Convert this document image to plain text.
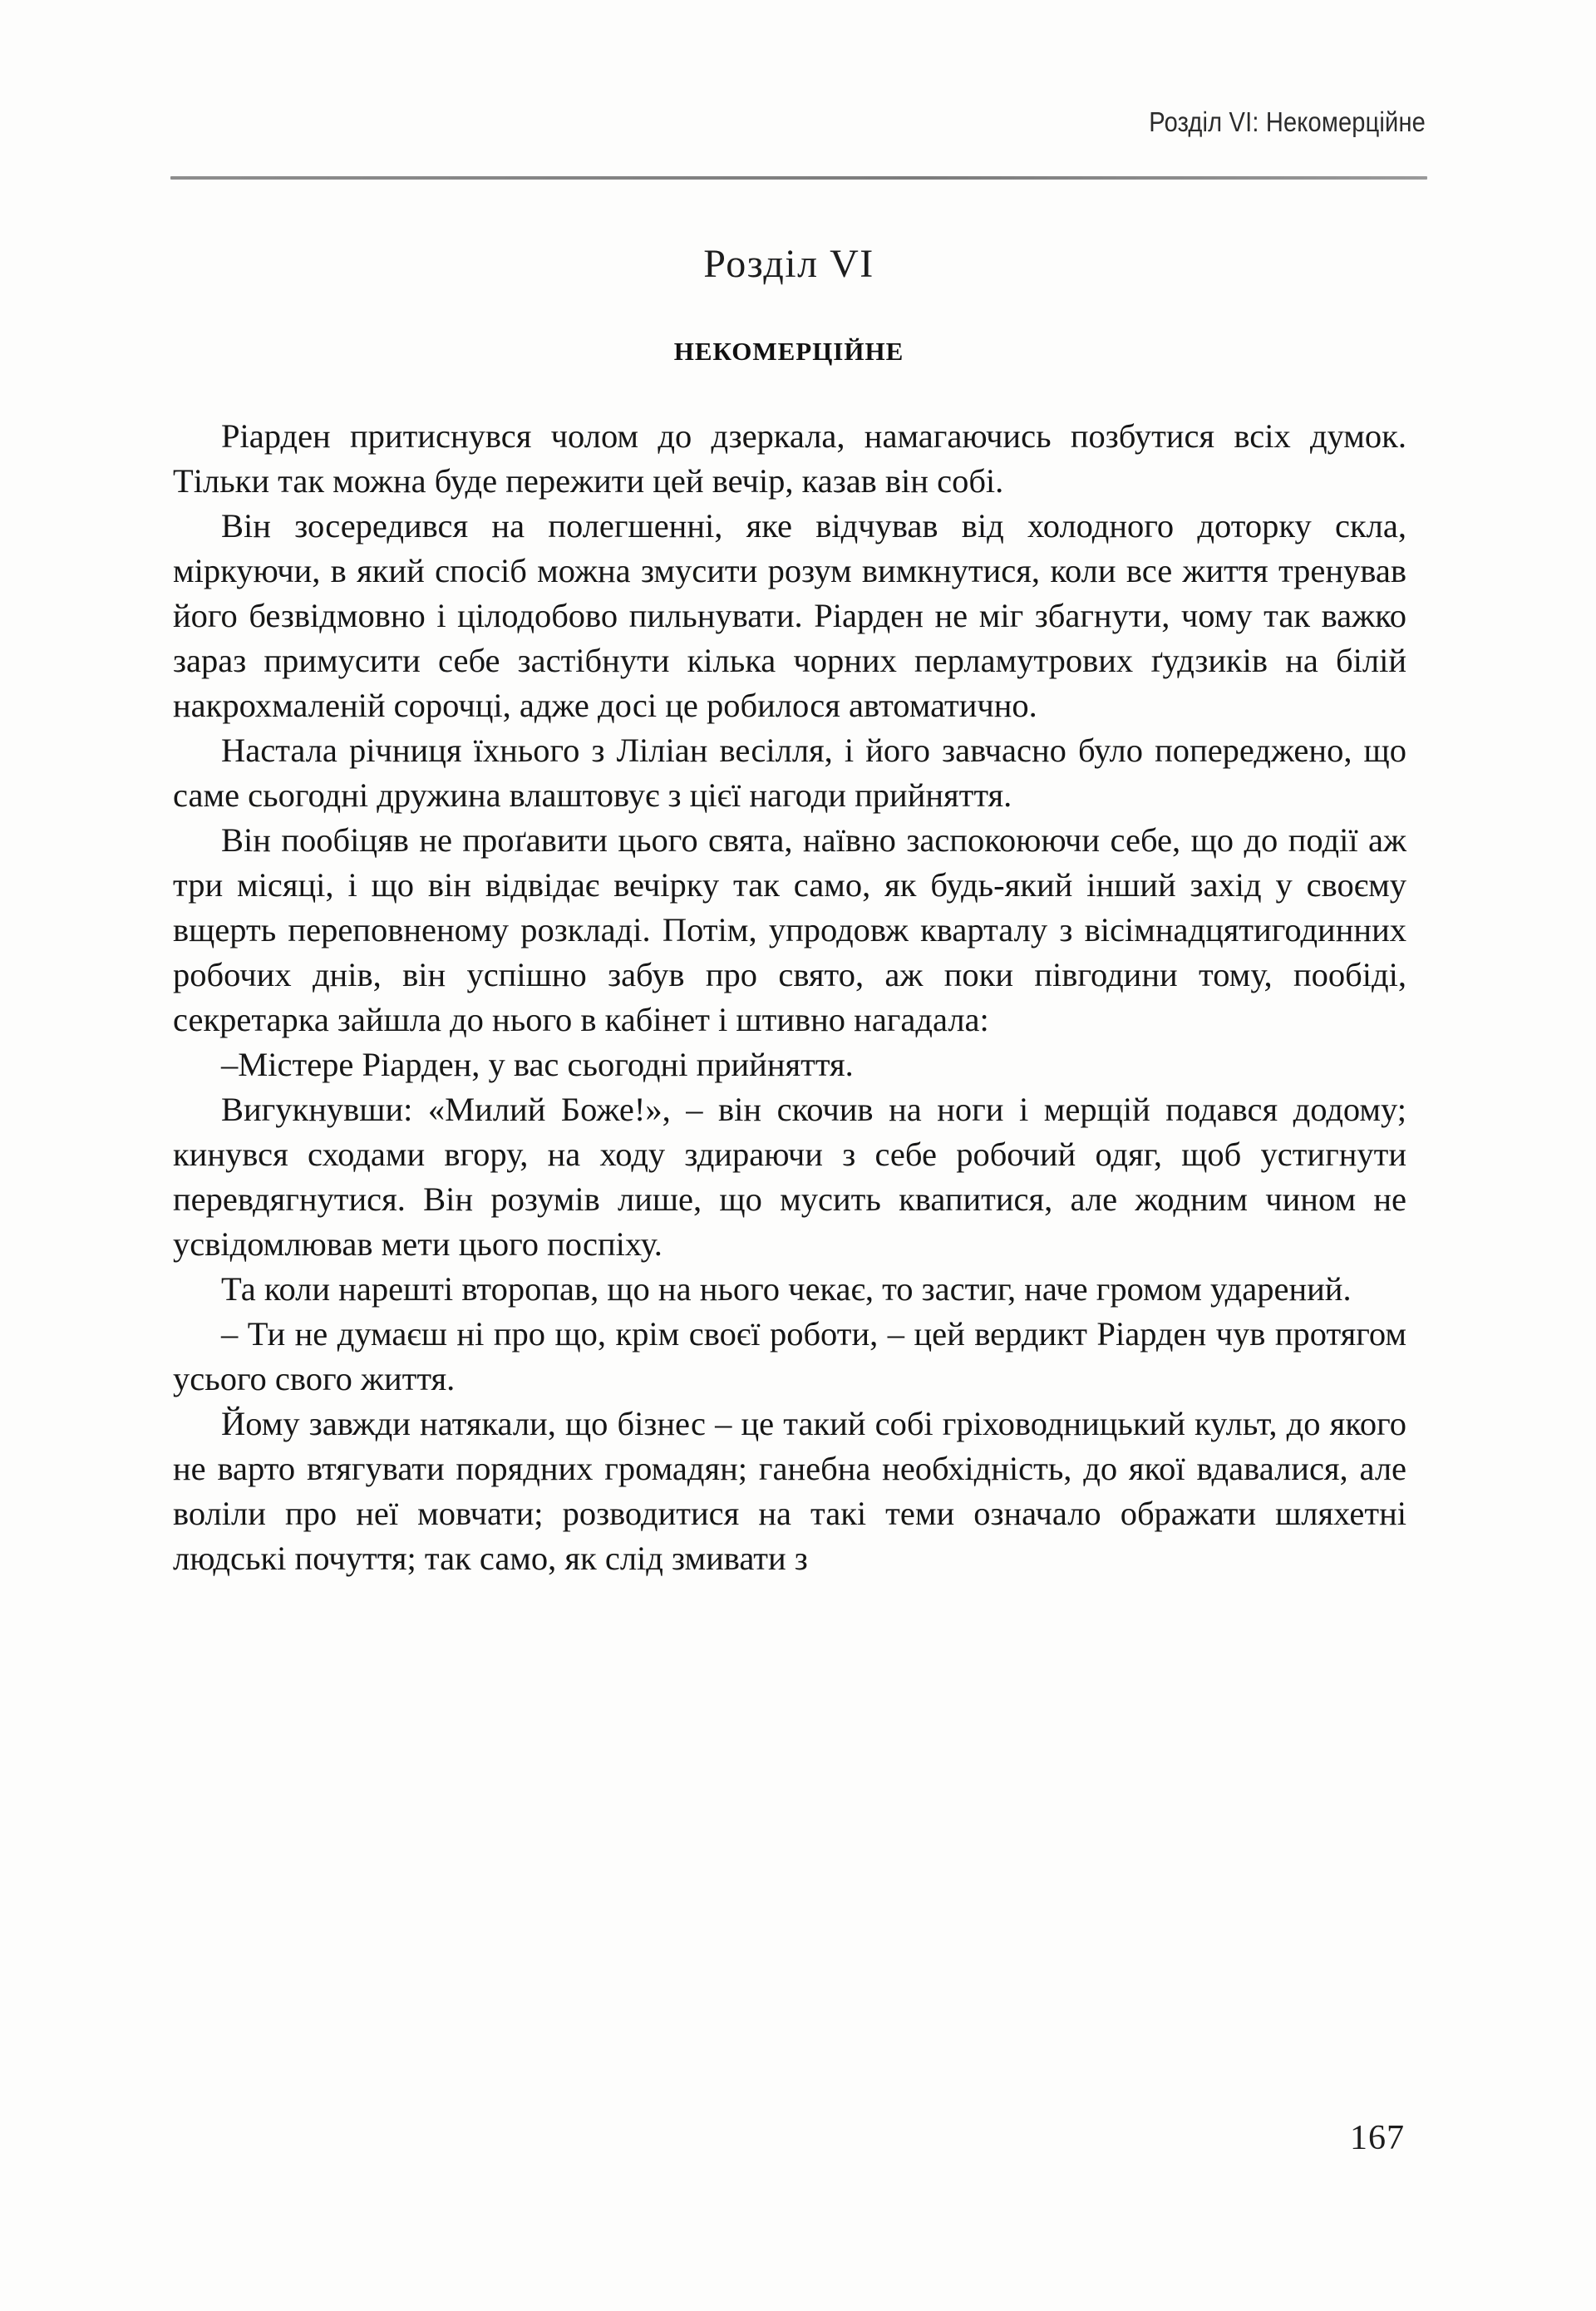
Розділ VI: Некомерційне
Розділ VI
некомерційне

Ріарден притиснувся чолом до дзеркала, намагаючись позбутися всіх думок. Тільки так можна буде пережити цей вечір, казав він собі.

Він зосередився на полегшенні, яке відчував від холодного доторку скла, міркуючи, в який спосіб можна змусити розум вимкнутися, коли все життя тренував його безвідмовно і цілодобово пильнувати. Ріарден не міг збагнути, чому так важко зараз примусити себе застібнути кілька чорних перламутрових ґудзиків на білій накрохмаленій сорочці, адже досі це робилося автоматично.

Настала річниця їхнього з Ліліан весілля, і його завчасно було попереджено, що саме сьогодні дружина влаштовує з цієї нагоди прийняття.

Він пообіцяв не проґавити цього свята, наївно заспокоюючи себе, що до події аж три місяці, і що він відвідає вечірку так само, як будь-який інший захід у своєму вщерть переповненому розкладі. Потім, упродовж кварталу з вісімнадцятигодинних робочих днів, він успішно забув про свято, аж поки півгодини тому, пообіді, секретарка зайшла до нього в кабінет і штивно нагадала:

–Містере Ріарден, у вас сьогодні прийняття.

Вигукнувши: «Милий Боже!», – він скочив на ноги і мерщій подався додому; кинувся сходами вгору, на ходу здираючи з себе робочий одяг, щоб устигнути перевдягнутися. Він розумів лише, що мусить квапитися, але жодним чином не усвідомлював мети цього поспіху.

Та коли нарешті второпав, що на нього чекає, то застиг, наче громом ударений.

– Ти не думаєш ні про що, крім своєї роботи, – цей вердикт Ріарден чув протягом усього свого життя.

Йому завжди натякали, що бізнес – це такий собі гріховодницький культ, до якого не варто втягувати порядних громадян; ганебна необхідність, до якої вдавалися, але воліли про неї мовчати; розводитися на такі теми означало ображати шляхетні людські почуття; так само, як слід змивати з

167
